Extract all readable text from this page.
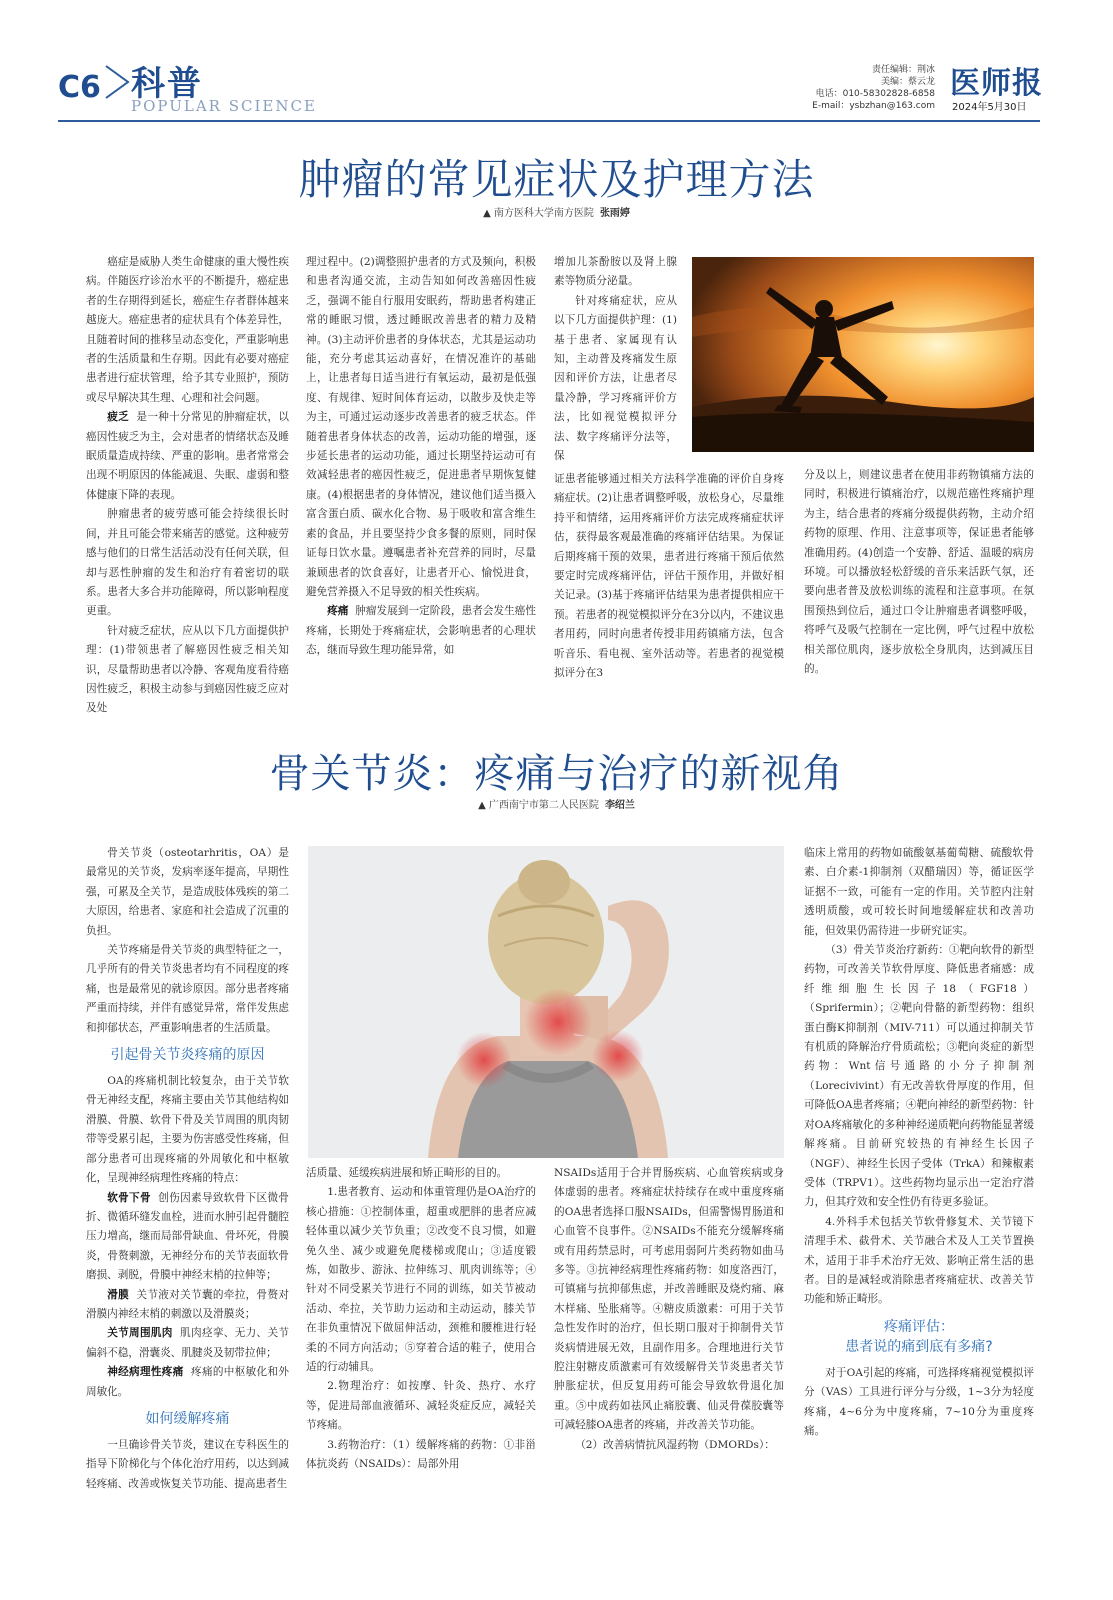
C6 科普
POPULAR SCIENCE
责任编辑：荆冰
美编：蔡云龙
电话：010-58302828-6858
E-mail：ysbzhan@163.com
医师报
2024年5月30日
肿瘤的常见症状及护理方法
▲ 南方医科大学南方医院 张雨婷

癌症是威胁人类生命健康的重大慢性疾病。伴随医疗诊治水平的不断提升，癌症患者的生存期得到延长，癌症生存者群体越来越庞大。癌症患者的症状具有个体差异性，且随着时间的推移呈动态变化，严重影响患者的生活质量和生存期。因此有必要对癌症患者进行症状管理，给予其专业照护，预防或尽早解决其生理、心理和社会问题。

疲乏 是一种十分常见的肿瘤症状，以癌因性疲乏为主，会对患者的情绪状态及睡眠质量造成持续、严重的影响。患者常常会出现不明原因的体能减退、失眠、虚弱和整体健康下降的表现。

肿瘤患者的疲劳感可能会持续很长时间，并且可能会带来痛苦的感觉。这种疲劳感与他们的日常生活活动没有任何关联，但却与恶性肿瘤的发生和治疗有着密切的联系。患者大多合并功能障碍，所以影响程度更重。

针对疲乏症状，应从以下几方面提供护理：(1)带领患者了解癌因性疲乏相关知识，尽量帮助患者以冷静、客观角度看待癌因性疲乏，积极主动参与到癌因性疲乏应对及处

理过程中。(2)调整照护患者的方式及频向，积极和患者沟通交流，主动告知如何改善癌因性疲乏，强调不能自行服用安眠药，帮助患者构建正常的睡眠习惯，透过睡眠改善患者的精力及精神。(3)主动评价患者的身体状态，尤其是运动功能，充分考虑其运动喜好，在情况准许的基础上，让患者每日适当进行有氧运动，最初是低强度、有规律、短时间体育运动，以散步及快走等为主，可通过运动逐步改善患者的疲乏状态。伴随着患者身体状态的改善，运动功能的增强，逐步延长患者的运动功能，通过长期坚持运动可有效减轻患者的癌因性疲乏，促进患者早期恢复健康。(4)根据患者的身体情况，建议他们适当摄入富含蛋白质、碳水化合物、易于吸收和富含维生素的食品，并且要坚持少食多餐的原则，同时保证每日饮水量。遵嘱患者补充营养的同时，尽量兼顾患者的饮食喜好，让患者开心、愉悦进食，避免营养摄入不足导致的相关性疾病。

疼痛 肿瘤发展到一定阶段，患者会发生癌性疼痛，长期处于疼痛症状，会影响患者的心理状态，继而导致生理功能异常，如

增加儿茶酚胺以及肾上腺素等物质分泌量。

针对疼痛症状，应从以下几方面提供护理：(1)基于患者、家属现有认知，主动普及疼痛发生原因和评价方法，让患者尽量冷静，学习疼痛评价方法，比如视觉模拟评分法、数字疼痛评分法等，保

证患者能够通过相关方法科学准确的评价自身疼痛症状。(2)让患者调整呼吸，放松身心，尽量维持平和情绪，运用疼痛评价方法完成疼痛症状评估，获得最客观最准确的疼痛评估结果。为保证后期疼痛干预的效果，患者进行疼痛干预后依然要定时完成疼痛评估，评估干预作用，并做好相关记录。(3)基于疼痛评估结果为患者提供相应干预。若患者的视觉模拟评分在3分以内，不建议患者用药，同时向患者传授非用药镇痛方法，包含听音乐、看电视、室外活动等。若患者的视觉模拟评分在3

分及以上，则建议患者在使用非药物镇痛方法的同时，积极进行镇痛治疗，以规范癌性疼痛护理为主，结合患者的疼痛分级提供药物，主动介绍药物的原理、作用、注意事项等，保证患者能够准确用药。(4)创造一个安静、舒适、温暖的病房环境。可以播放轻松舒缓的音乐来活跃气氛，还要向患者普及放松训练的流程和注意事项。在氛围预热到位后，通过口令让肿瘤患者调整呼吸，将呼气及吸气控制在一定比例，呼气过程中放松相关部位肌肉，逐步放松全身肌肉，达到减压目的。

骨关节炎：疼痛与治疗的新视角
▲ 广西南宁市第二人民医院 李绍兰

骨关节炎（osteotarhritis，OA）是最常见的关节炎，发病率逐年提高，早期性强，可累及全关节，是造成肢体残疾的第二大原因，给患者、家庭和社会造成了沉重的负担。

关节疼痛是骨关节炎的典型特征之一，几乎所有的骨关节炎患者均有不同程度的疼痛，也是最常见的就诊原因。部分患者疼痛严重而持续，并伴有感觉异常，常伴发焦虑和抑郁状态，严重影响患者的生活质量。

引起骨关节炎疼痛的原因

OA的疼痛机制比较复杂，由于关节软骨无神经支配，疼痛主要由关节其他结构如滑膜、骨膜、软骨下骨及关节周围的肌肉韧带等受累引起，主要为伤害感受性疼痛，但部分患者可出现疼痛的外周敏化和中枢敏化，呈现神经病理性疼痛的特点：

软骨下骨 创伤因素导致软骨下区微骨折、微循环缝发血栓，进而水肿引起骨髓腔压力增高，继而局部骨缺血、骨坏死，骨膜炎，骨赘刺激，无神经分布的关节表面软骨磨损、剥脱，骨膜中神经末梢的拉伸等；

滑膜 关节液对关节囊的牵拉，骨赘对滑膜内神经末梢的刺激以及滑膜炎；

关节周围肌肉 肌肉痉挛、无力、关节偏斜不稳，滑囊炎、肌腱炎及韧带拉伸；

神经病理性疼痛 疼痛的中枢敏化和外周敏化。

如何缓解疼痛

一旦确诊骨关节炎，建议在专科医生的指导下阶梯化与个体化治疗用药，以达到减轻疼痛、改善或恢复关节功能、提高患者生

活质量、延缓疾病进展和矫正畸形的目的。

1.患者教育、运动和体重管理仍是OA治疗的核心措施：①控制体重，超重或肥胖的患者应减轻体重以减少关节负重；②改变不良习惯，如避免久坐、减少或避免爬楼梯或爬山；③适度锻炼，如散步、游泳、拉伸练习、肌肉训练等；④针对不同受累关节进行不同的训练，如关节被动活动、牵拉，关节助力运动和主动运动，膝关节在非负重情况下做屈伸活动，颈椎和腰椎进行轻柔的不同方向活动；⑤穿着合适的鞋子，使用合适的行动辅具。

2.物理治疗：如按摩、针灸、热疗、水疗等，促进局部血液循环、减轻炎症反应，减轻关节疼痛。

3.药物治疗：（1）缓解疼痛的药物：①非甾体抗炎药（NSAIDs）：局部外用

NSAIDs适用于合并胃肠疾病、心血管疾病或身体虚弱的患者。疼痛症状持续存在或中重度疼痛的OA患者选择口服NSAIDs，但需警惕胃肠道和心血管不良事件。②NSAIDs不能充分缓解疼痛或有用药禁忌时，可考虑用弱阿片类药物如曲马多等。③抗神经病理性疼痛药物：如度洛西汀，可镇痛与抗抑郁焦虑，并改善睡眠及烧灼痛、麻木样痛、坠胀痛等。④糖皮质激素：可用于关节急性发作时的治疗，但长期口服对于抑制骨关节炎病情进展无效，且副作用多。合理地进行关节腔注射糖皮质激素可有效缓解骨关节炎患者关节肿胀症状，但反复用药可能会导致软骨退化加重。⑤中成药如祛风止痛胶囊、仙灵骨葆胶囊等可减轻膝OA患者的疼痛，并改善关节功能。

（2）改善病情抗风湿药物（DMORDs）：

临床上常用的药物如硫酸氨基葡萄糖、硫酸软骨素、白介素-1抑制剂（双醋瑞因）等，循证医学证据不一致，可能有一定的作用。关节腔内注射透明质酸，或可较长时间地缓解症状和改善功能，但效果仍需待进一步研究证实。

（3）骨关节炎治疗新药：①靶向软骨的新型药物，可改善关节软骨厚度、降低患者痛感：成纤维细胞生长因子18（FGF18）（Sprifermin）；②靶向骨骼的新型药物：组织蛋白酶K抑制剂（MIV-711）可以通过抑制关节有机质的降解治疗骨质疏松；③靶向炎症的新型药物：Wnt信号通路的小分子抑制剂（Lorecivivint）有无改善软骨厚度的作用，但可降低OA患者疼痛；④靶向神经的新型药物：针对OA疼痛敏化的多种神经递质靶向药物能显著缓解疼痛。目前研究较热的有神经生长因子（NGF）、神经生长因子受体（TrkA）和辣椒素受体（TRPV1）。这些药物均显示出一定治疗潜力，但其疗效和安全性仍有待更多验证。

4.外科手术包括关节软骨修复术、关节镜下清理手术、截骨术、关节融合术及人工关节置换术，适用于非手术治疗无效、影响正常生活的患者。目的是减轻或消除患者疼痛症状、改善关节功能和矫正畸形。

疼痛评估：
患者说的痛到底有多痛?

对于OA引起的疼痛，可选择疼痛视觉模拟评分（VAS）工具进行评分与分级，1~3分为轻度疼痛，4~6分为中度疼痛，7~10分为重度疼痛。
